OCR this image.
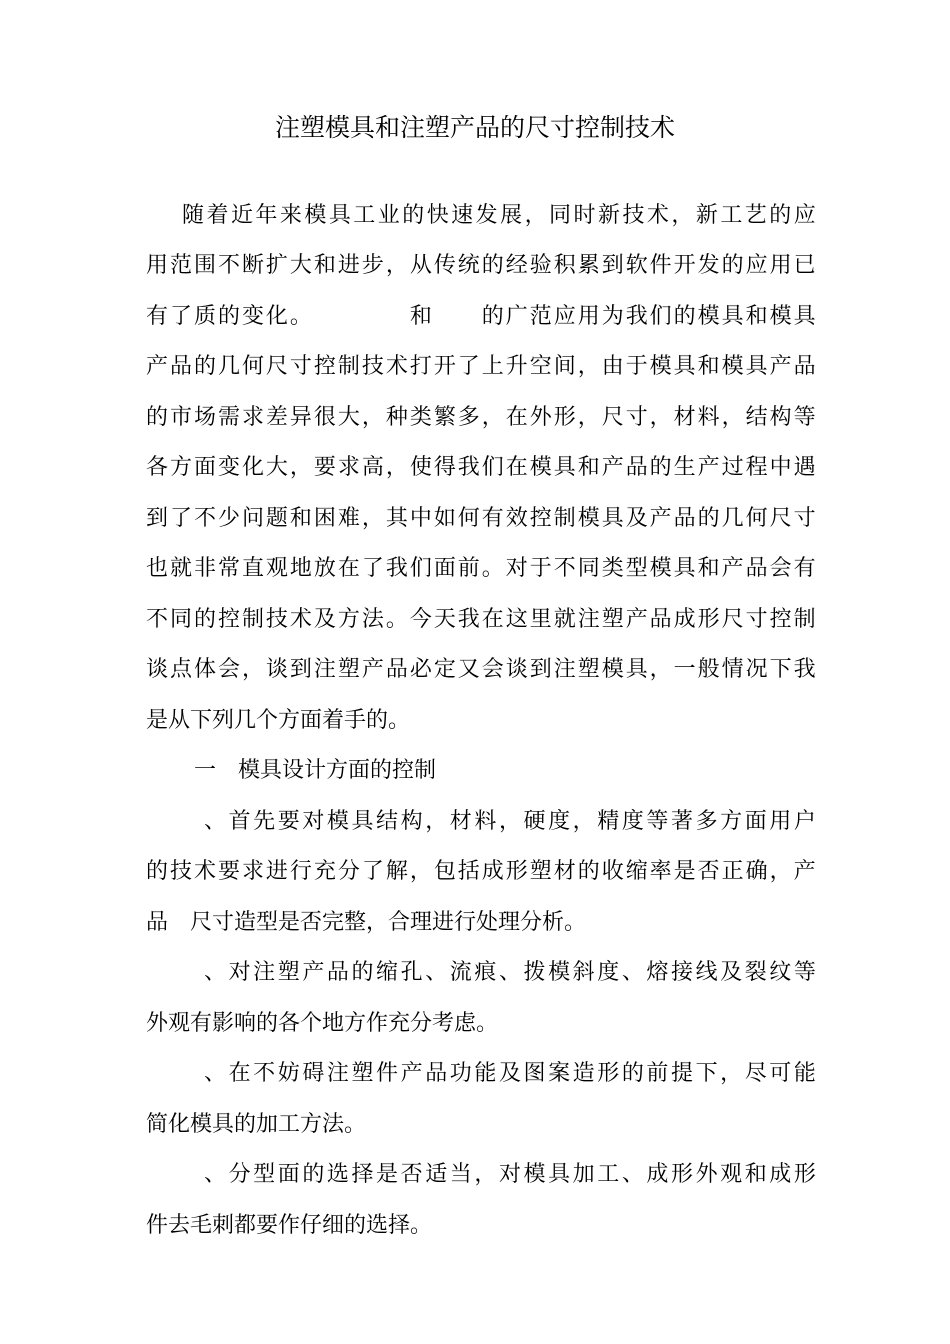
注塑模具和注塑产品的尺寸控制技术
随 着 近 年 来 模 具 工 业 的 快 速 发 展 ， 同 时 新 技 术 ， 新 工 艺 的 应
用 范 围 不 断 扩 大 和 进 步 ， 从 传 统 的 经 验 积 累 到 软 件 开 发 的 应 用 已
有 了 质 的 变 化 。

　	和

　 的 广 范 应 用 为 我 们 的 模 具 和 模 具
产 品 的 几 何 尺 寸 控 制 技 术 打 开 了 上 升 空 间 ， 由 于 模 具 和 模 具 产 品
的 市 场 需 求 差 异 很 大 ， 种 类 繁 多 ， 在 外 形 ， 尺 寸 ， 材 料 ， 结 构 等
各 方 面 变 化 大 ， 要 求 高 ， 使 得 我 们 在 模 具 和 产 品 的 生 产 过 程 中 遇
到 了 不 少 问 题 和 困 难 ， 其 中 如 何 有 效 控 制 模 具 及 产 品 的 几 何 尺 寸
也 就 非 常 直 观 地 放 在 了 我 们 面 前 。 对 于 不 同 类 型 模 具 和 产 品 会 有
不 同 的 控 制 技 术 及 方 法 。 今 天 我 在 这 里 就 注 塑 产 品 成 形 尺 寸 控 制
谈 点 体 会 ， 谈 到 注 塑 产 品 必 定 又 会 谈 到 注 塑 模 具 ， 一 般 情 况 下 我
是从下列几个方面着手的。
一　模具设计方面的控制
、 首 先 要 对 模 具 结 构 ， 材 料 ， 硬 度 ， 精 度 等 著 多 方 面 用 户
的 技 术 要 求 进 行 充 分 了 解 ， 包 括 成 形 塑 材 的 收 缩 率 是 否 正 确 ， 产
品　尺寸造型是否完整，合理进行处理分析。
、 对 注 塑 产 品 的 缩 孔 、 流 痕 、 拨 模 斜 度 、 熔 接 线 及 裂 纹 等
外观有影响的各个地方作充分考虑。
、 在 不 妨 碍 注 塑 件 产 品 功 能 及 图 案 造 形 的 前 提 下 ， 尽 可 能
简化模具的加工方法。
、 分 型 面 的 选 择 是 否 适 当 ， 对 模 具 加 工 、 成 形 外 观 和 成 形
件去毛刺都要作仔细的选择。
